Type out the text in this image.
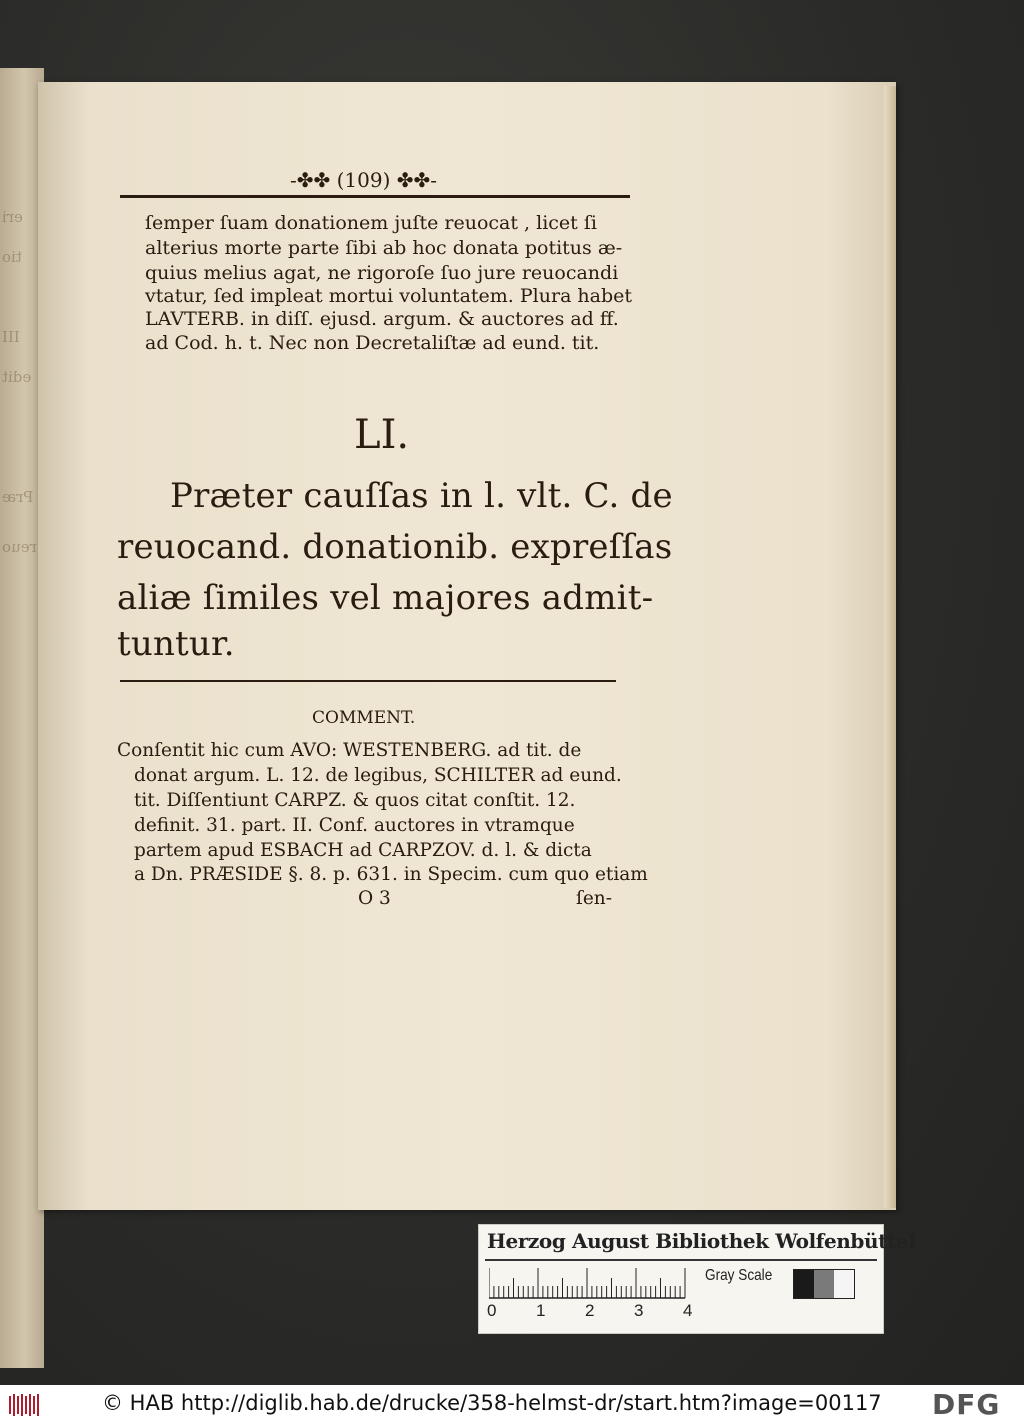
eri
tio
III
edit
Præ
reuo
-✤✤ (109) ✤✤-
ſemper ſuam donationem juſte reuocat , licet ſi
alterius morte parte ſibi ab hoc donata potitus æ-
quius melius agat, ne rigoroſe ſuo jure reuocandi
vtatur, ſed impleat mortui voluntatem. Plura habet
LAVTERB. in diſſ. ejusd. argum. & auctores ad ff.
ad Cod. h. t. Nec non Decretaliſtæ ad eund. tit.
LI.
Præter cauſſas in l. vlt. C. de
reuocand. donationib. expreſſas
aliæ ſimiles vel majores admit-
tuntur.
COMMENT.
Conſentit hic cum AVO: WESTENBERG. ad tit. de
donat argum. L. 12. de legibus, SCHILTER ad eund.
tit. Diſſentiunt CARPZ. & quos citat conſtit. 12.
definit. 31. part. II. Conf. auctores in vtramque
partem apud ESBACH ad CARPZOV. d. l. & dicta
a Dn. PRÆSIDE §. 8. p. 631. in Specim. cum quo etiam
O 3	ſen-
Herzog August Bibliothek Wolfenbüttel
Gray Scale
0 1 2 3 4
© HAB http://diglib.hab.de/drucke/358-helmst-dr/start.htm?image=00117 DFG
